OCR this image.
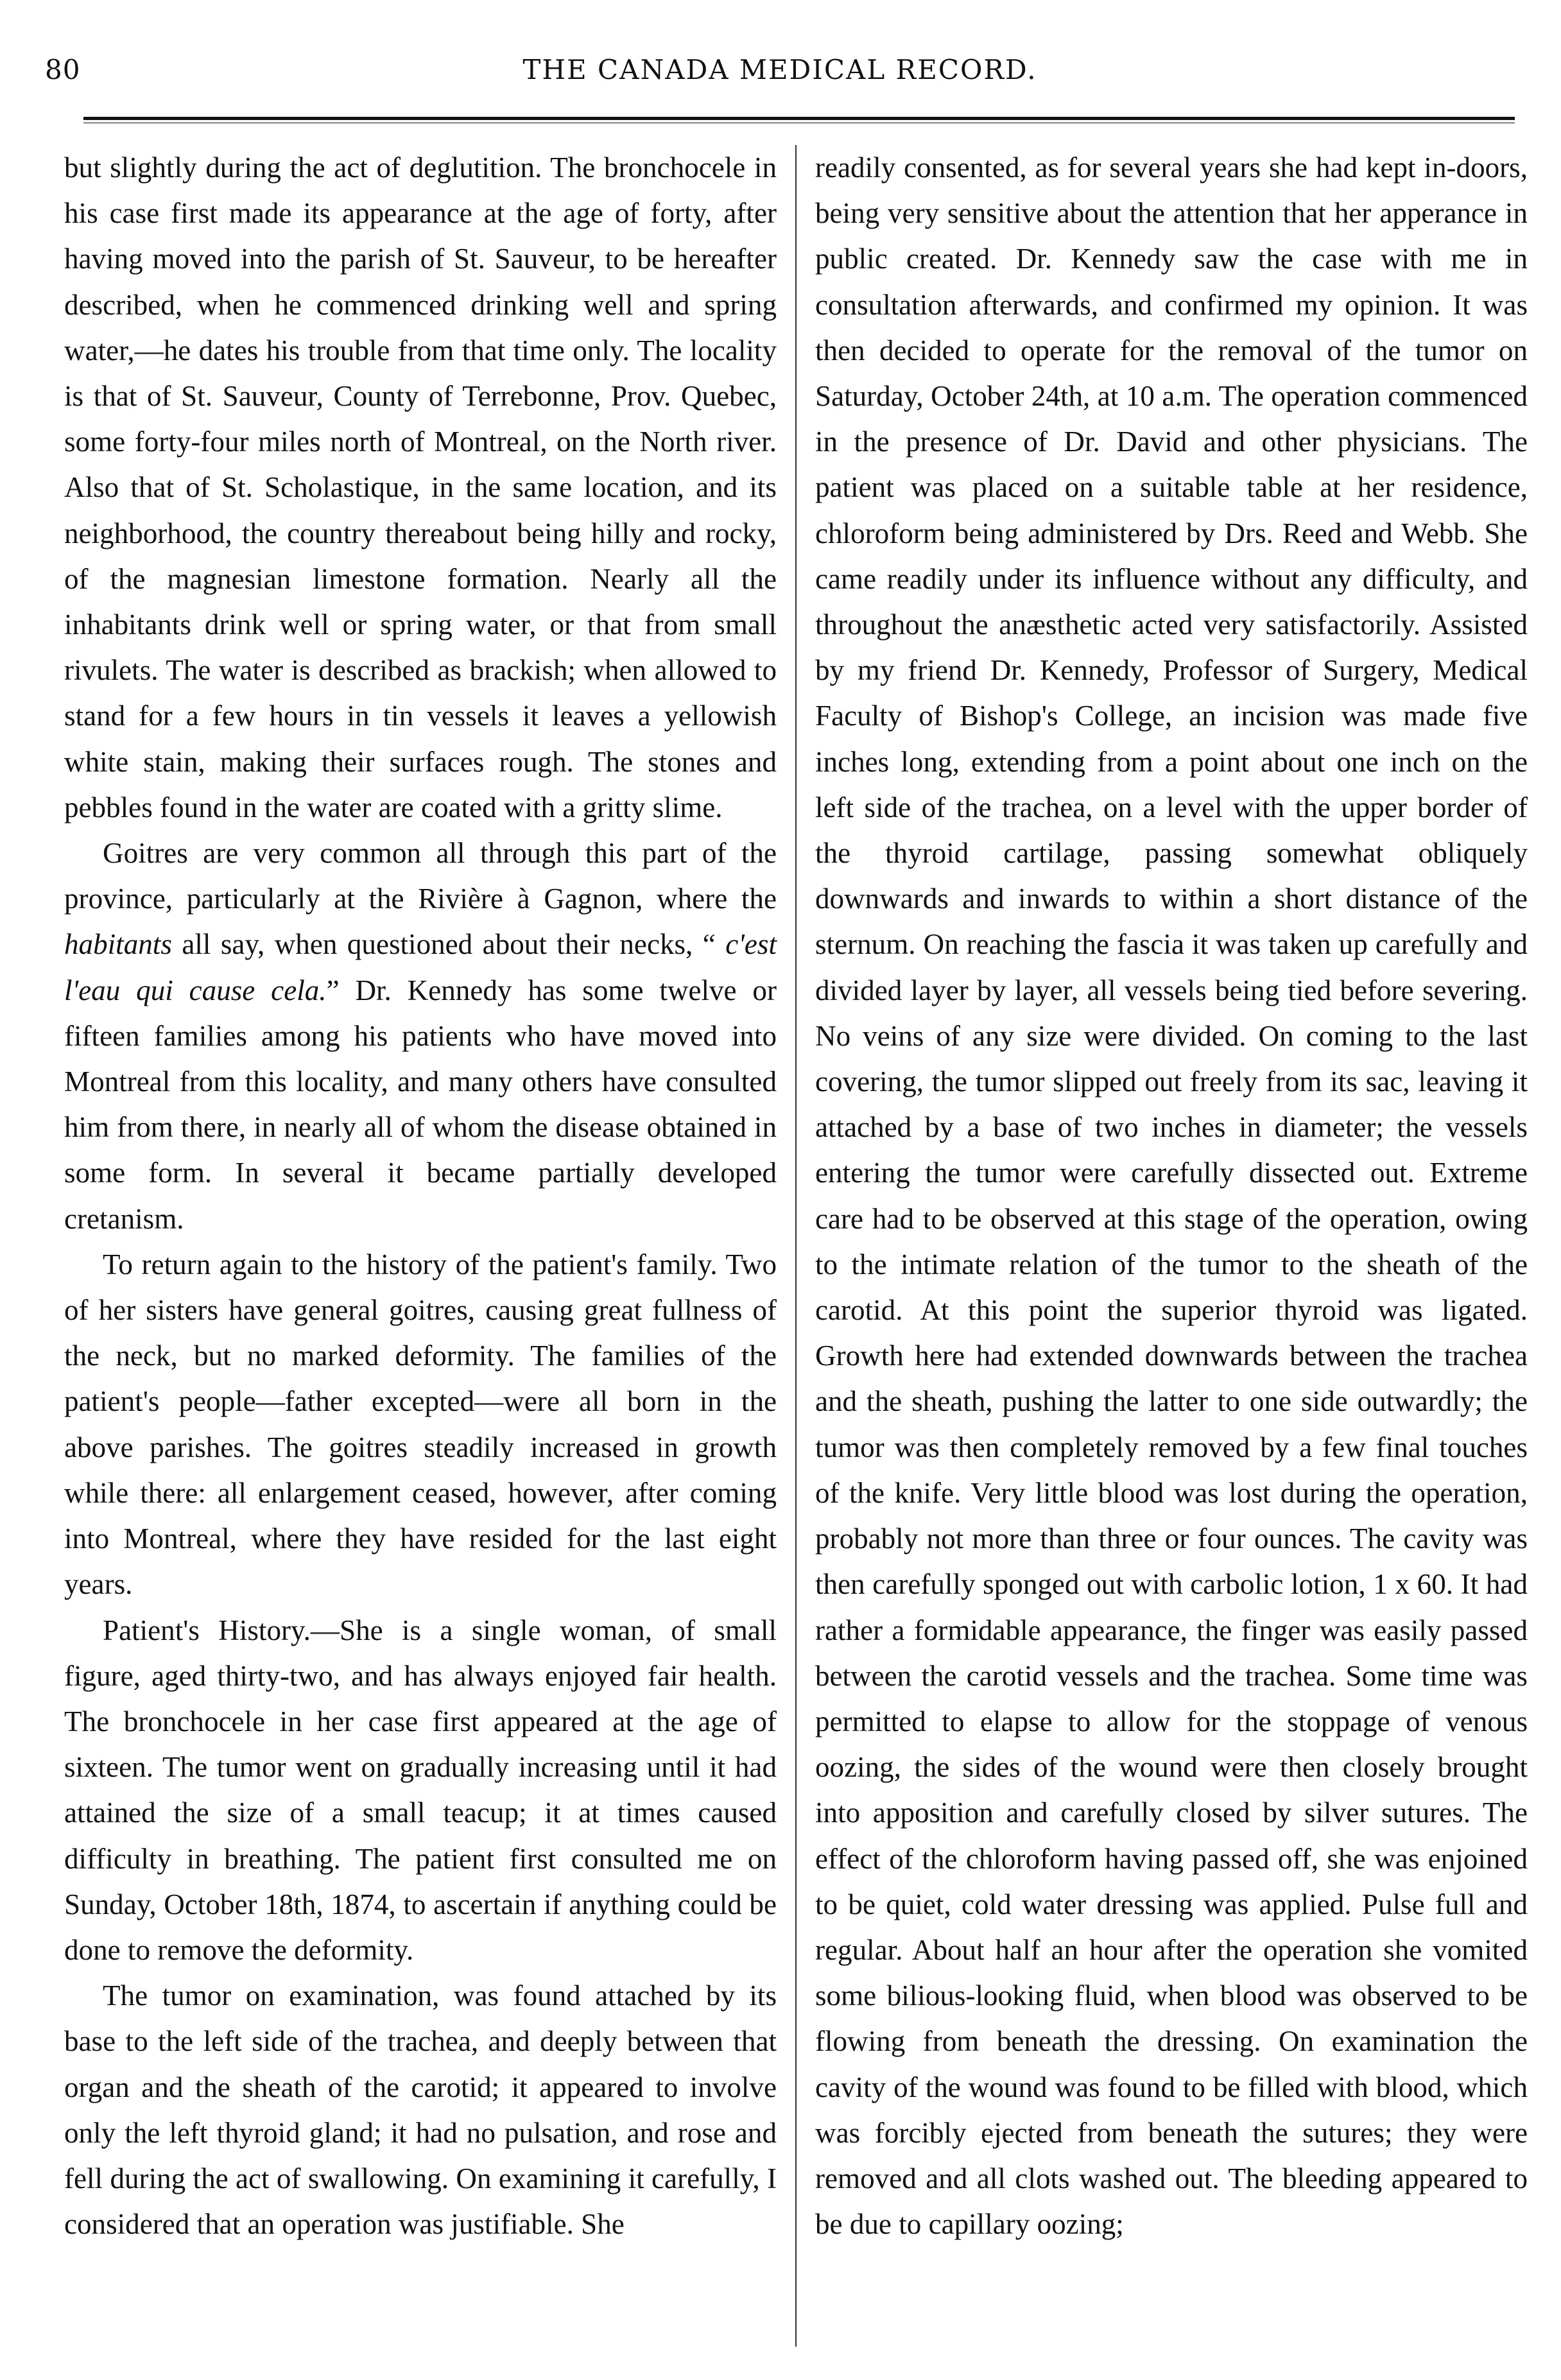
80	THE CANADA MEDICAL RECORD.

but slightly during the act of deglutition. The bronchocele in his case first made its appearance at the age of forty, after having moved into the parish of St. Sauveur, to be hereafter described, when he commenced drinking well and spring water,—he dates his trouble from that time only. The locality is that of St. Sauveur, County of Terrebonne, Prov. Quebec, some forty-four miles north of Montreal, on the North river. Also that of St. Scholastique, in the same location, and its neighborhood, the country thereabout being hilly and rocky, of the magnesian limestone formation. Nearly all the inhabitants drink well or spring water, or that from small rivulets. The water is described as brackish; when allowed to stand for a few hours in tin vessels it leaves a yellowish white stain, making their surfaces rough. The stones and pebbles found in the water are coated with a gritty slime.

Goitres are very common all through this part of the province, particularly at the Rivière à Gagnon, where the habitants all say, when questioned about their necks, “ c'est l'eau qui cause cela.” Dr. Kennedy has some twelve or fifteen families among his patients who have moved into Montreal from this locality, and many others have consulted him from there, in nearly all of whom the disease obtained in some form. In several it became partially developed cretanism.

To return again to the history of the patient's family. Two of her sisters have general goitres, causing great fullness of the neck, but no marked deformity. The families of the patient's people—father excepted—were all born in the above parishes. The goitres steadily increased in growth while there: all enlargement ceased, however, after coming into Montreal, where they have resided for the last eight years.

Patient's History.—She is a single woman, of small figure, aged thirty-two, and has always enjoyed fair health. The bronchocele in her case first appeared at the age of sixteen. The tumor went on gradually increasing until it had attained the size of a small teacup; it at times caused difficulty in breathing. The patient first consulted me on Sunday, October 18th, 1874, to ascertain if anything could be done to remove the deformity.

The tumor on examination, was found attached by its base to the left side of the trachea, and deeply between that organ and the sheath of the carotid; it appeared to involve only the left thyroid gland; it had no pulsation, and rose and fell during the act of swallowing. On examining it carefully, I considered that an operation was justifiable. She

readily consented, as for several years she had kept in-doors, being very sensitive about the attention that her apperance in public created. Dr. Kennedy saw the case with me in consultation afterwards, and confirmed my opinion. It was then decided to operate for the removal of the tumor on Saturday, October 24th, at 10 a.m. The operation commenced in the presence of Dr. David and other physicians. The patient was placed on a suitable table at her residence, chloroform being administered by Drs. Reed and Webb. She came readily under its influence without any difficulty, and throughout the anæsthetic acted very satisfactorily. Assisted by my friend Dr. Kennedy, Professor of Surgery, Medical Faculty of Bishop's College, an incision was made five inches long, extending from a point about one inch on the left side of the trachea, on a level with the upper border of the thyroid cartilage, passing somewhat obliquely downwards and inwards to within a short distance of the sternum. On reaching the fascia it was taken up carefully and divided layer by layer, all vessels being tied before severing. No veins of any size were divided. On coming to the last covering, the tumor slipped out freely from its sac, leaving it attached by a base of two inches in diameter; the vessels entering the tumor were carefully dissected out. Extreme care had to be observed at this stage of the operation, owing to the intimate relation of the tumor to the sheath of the carotid. At this point the superior thyroid was ligated. Growth here had extended downwards between the trachea and the sheath, pushing the latter to one side outwardly; the tumor was then completely removed by a few final touches of the knife. Very little blood was lost during the operation, probably not more than three or four ounces. The cavity was then carefully sponged out with carbolic lotion, 1 x 60. It had rather a formidable appearance, the finger was easily passed between the carotid vessels and the trachea. Some time was permitted to elapse to allow for the stoppage of venous oozing, the sides of the wound were then closely brought into apposition and carefully closed by silver sutures. The effect of the chloroform having passed off, she was enjoined to be quiet, cold water dressing was applied. Pulse full and regular. About half an hour after the operation she vomited some bilious-looking fluid, when blood was observed to be flowing from beneath the dressing. On examination the cavity of the wound was found to be filled with blood, which was forcibly ejected from beneath the sutures; they were removed and all clots washed out. The bleeding appeared to be due to capillary oozing;
